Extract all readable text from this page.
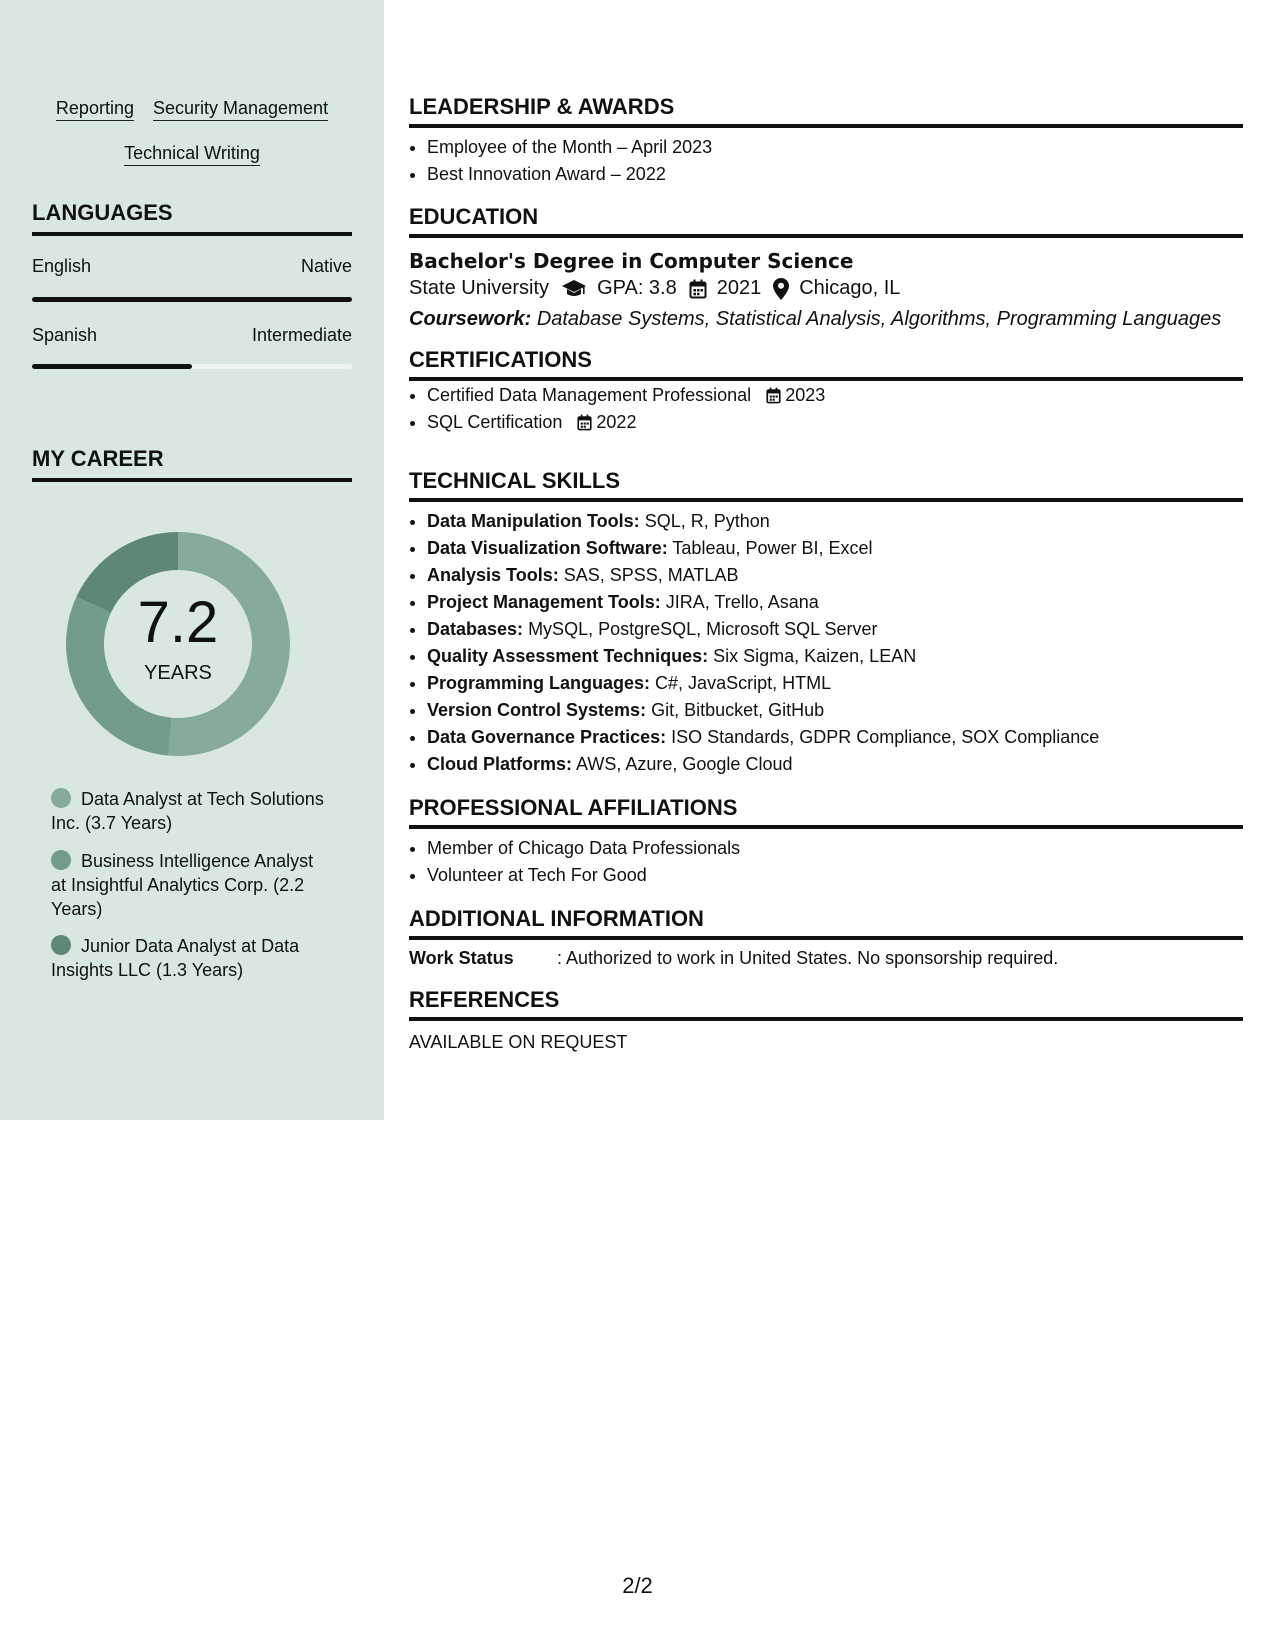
Reporting Security Management
Technical Writing
LANGUAGES
English	Native
Spanish	Intermediate
MY CAREER
7.2
YEARS
Data Analyst at Tech Solutions Inc. (3.7 Years)
Business Intelligence Analyst at Insightful Analytics Corp. (2.2 Years)
Junior Data Analyst at Data Insights LLC (1.3 Years)
LEADERSHIP & AWARDS
• Employee of the Month – April 2023
• Best Innovation Award – 2022
EDUCATION
Bachelor's Degree in Computer Science
State University GPA: 3.8 2021 Chicago, IL
Coursework: Database Systems, Statistical Analysis, Algorithms, Programming Languages
CERTIFICATIONS
• Certified Data Management Professional 2023
• SQL Certification 2022
TECHNICAL SKILLS
• Data Manipulation Tools: SQL, R, Python
• Data Visualization Software: Tableau, Power BI, Excel
• Analysis Tools: SAS, SPSS, MATLAB
• Project Management Tools: JIRA, Trello, Asana
• Databases: MySQL, PostgreSQL, Microsoft SQL Server
• Quality Assessment Techniques: Six Sigma, Kaizen, LEAN
• Programming Languages: C#, JavaScript, HTML
• Version Control Systems: Git, Bitbucket, GitHub
• Data Governance Practices: ISO Standards, GDPR Compliance, SOX Compliance
• Cloud Platforms: AWS, Azure, Google Cloud
PROFESSIONAL AFFILIATIONS
• Member of Chicago Data Professionals
• Volunteer at Tech For Good
ADDITIONAL INFORMATION
Work Status : Authorized to work in United States. No sponsorship required.
REFERENCES
AVAILABLE ON REQUEST
2/2
